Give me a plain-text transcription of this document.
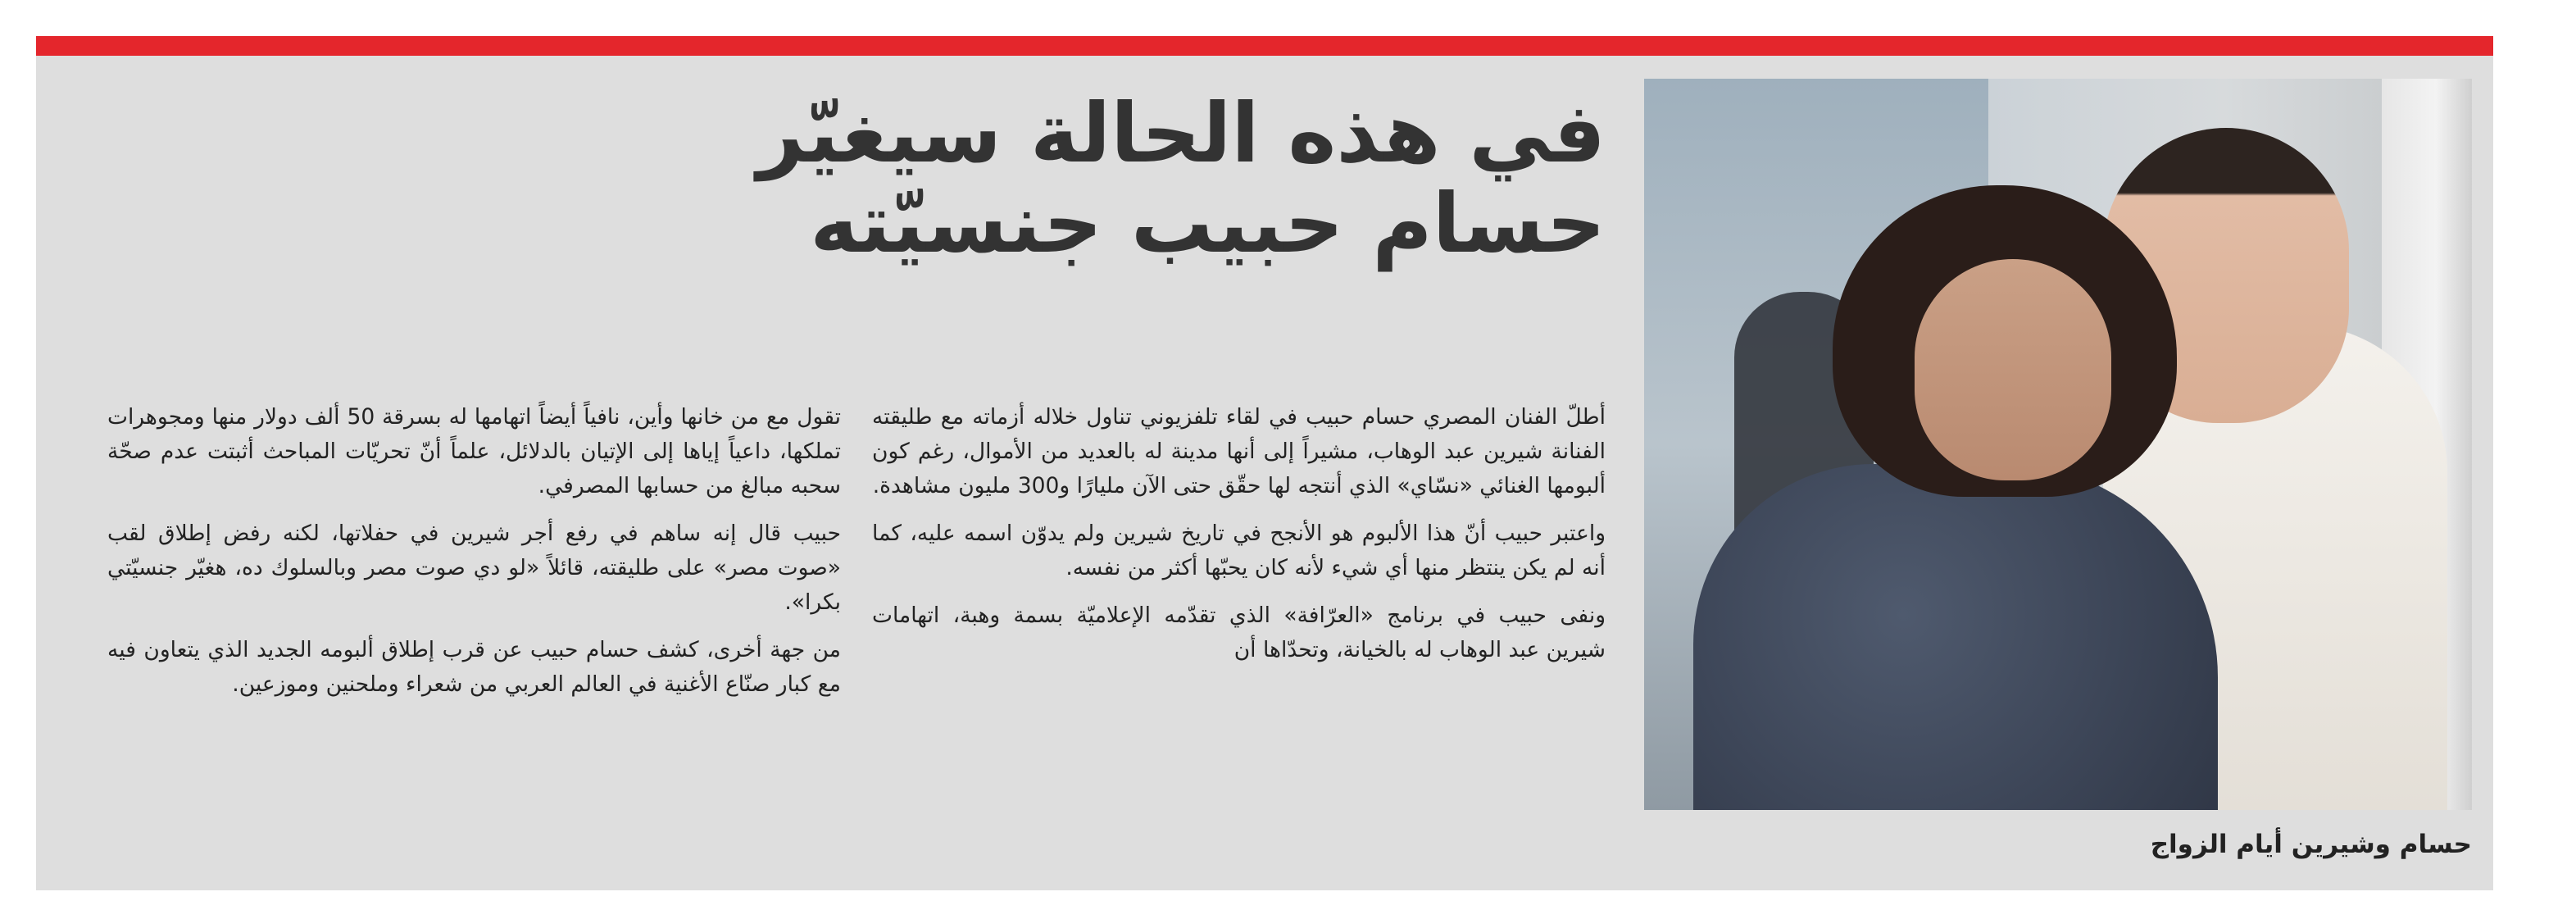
حسام وشيرين أيام الزواج
في هذه الحالة سيغيّر
حسام حبيب جنسيّته

أطلّ الفنان المصري حسام حبيب في لقاء تلفزيوني تناول خلاله أزماته مع طليقته الفنانة شيرين عبد الوهاب، مشيراً إلى أنها مدينة له بالعديد من الأموال، رغم كون ألبومها الغنائي «نسّاي» الذي أنتجه لها حقّق حتى الآن مليارًا و300 مليون مشاهدة.

واعتبر حبيب أنّ هذا الألبوم هو الأنجح في تاريخ شيرين ولم يدوّن اسمه عليه، كما أنه لم يكن ينتظر منها أي شيء لأنه كان يحبّها أكثر من نفسه.

ونفى حبيب في برنامج «العرّافة» الذي تقدّمه الإعلاميّة بسمة وهبة، اتهامات شيرين عبد الوهاب له بالخيانة، وتحدّاها أن

تقول مع من خانها وأين، نافياً أيضاً اتهامها له بسرقة 50 ألف دولار منها ومجوهرات تملكها، داعياً إياها إلى الإتيان بالدلائل، علماً أنّ تحريّات المباحث أثبتت عدم صحّة سحبه مبالغ من حسابها المصرفي.

حبيب قال إنه ساهم في رفع أجر شيرين في حفلاتها، لكنه رفض إطلاق لقب «صوت مصر» على طليقته، قائلاً «لو دي صوت مصر وبالسلوك ده، هغيّر جنسيّتي بكرا».

من جهة أخرى، كشف حسام حبيب عن قرب إطلاق ألبومه الجديد الذي يتعاون فيه مع كبار صنّاع الأغنية في العالم العربي من شعراء وملحنين وموزعين.
